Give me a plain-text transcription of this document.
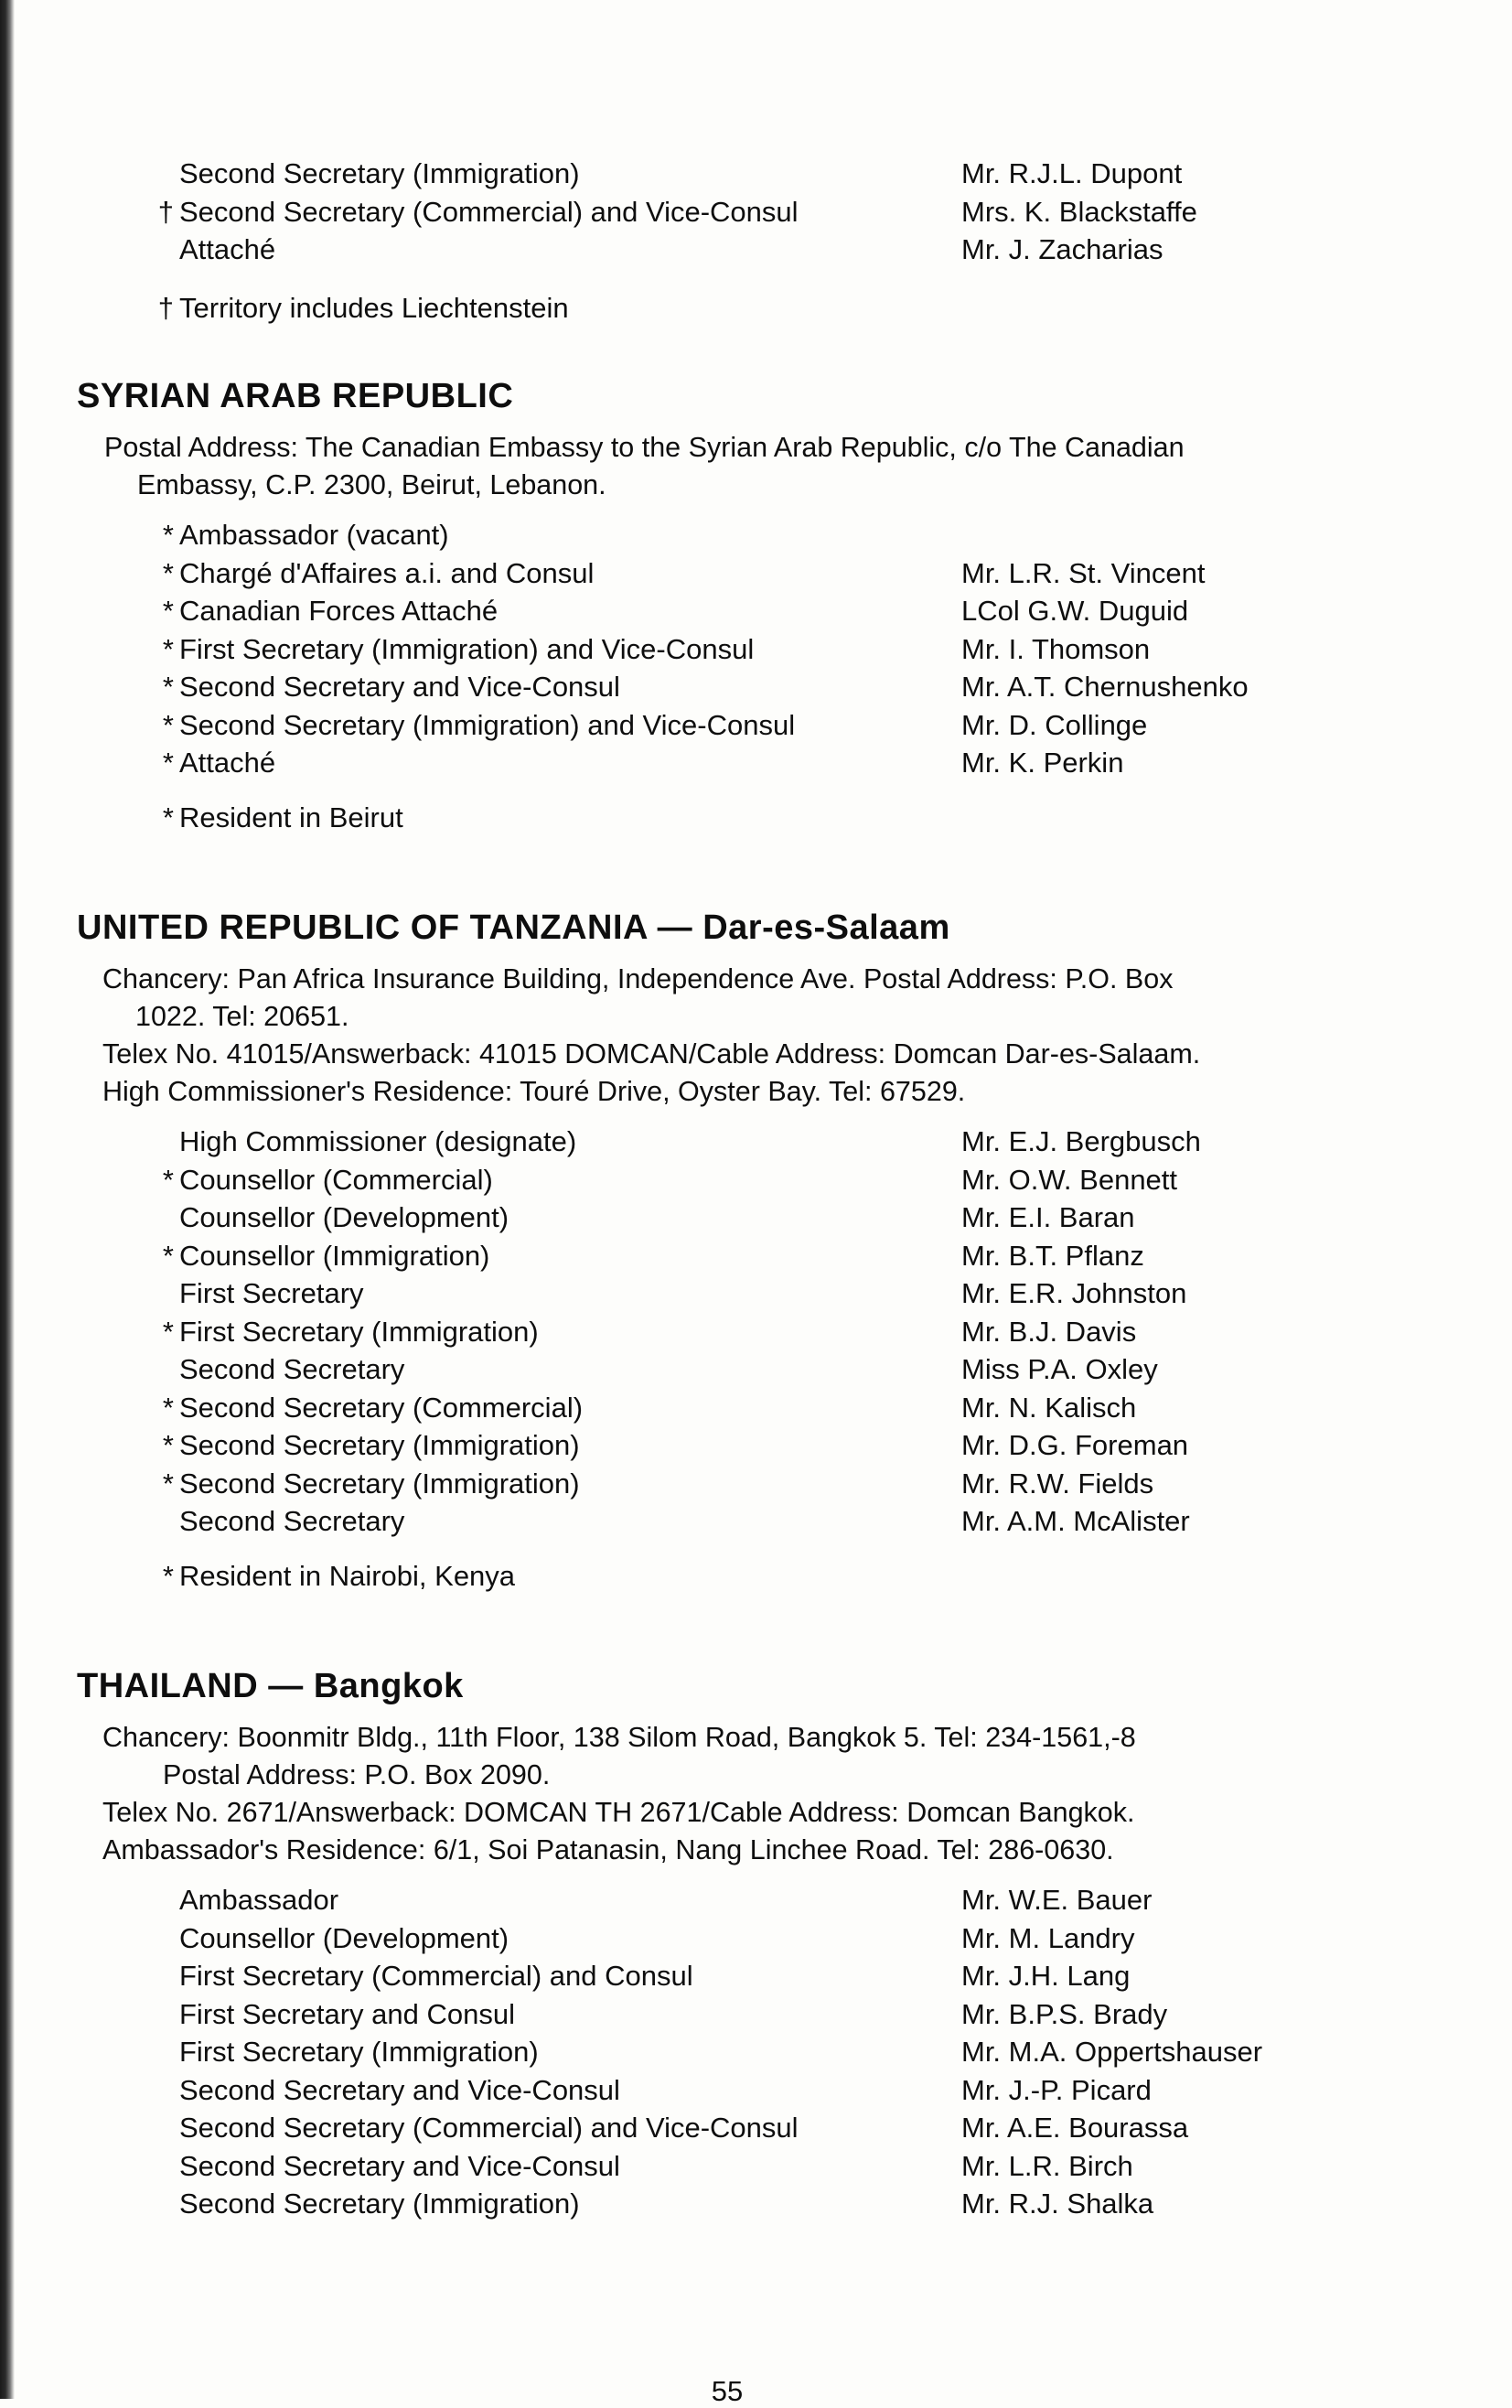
Second Secretary (Immigration)	Mr. R.J.L. Dupont
† Second Secretary (Commercial) and Vice-Consul	Mrs. K. Blackstaffe
Attaché	Mr. J. Zacharias
† Territory includes Liechtenstein
SYRIAN ARAB REPUBLIC
Postal Address: The Canadian Embassy to the Syrian Arab Republic, c/o The Canadian
Embassy, C.P. 2300, Beirut, Lebanon.
* Ambassador (vacant)
* Chargé d'Affaires a.i. and Consul	Mr. L.R. St. Vincent
* Canadian Forces Attaché	LCol G.W. Duguid
* First Secretary (Immigration) and Vice-Consul	Mr. I. Thomson
* Second Secretary and Vice-Consul	Mr. A.T. Chernushenko
* Second Secretary (Immigration) and Vice-Consul	Mr. D. Collinge
* Attaché	Mr. K. Perkin
* Resident in Beirut
UNITED REPUBLIC OF TANZANIA — Dar-es-Salaam
Chancery: Pan Africa Insurance Building, Independence Ave. Postal Address: P.O. Box
1022. Tel: 20651.
Telex No. 41015/Answerback: 41015 DOMCAN/Cable Address: Domcan Dar-es-Salaam.
High Commissioner's Residence: Touré Drive, Oyster Bay. Tel: 67529.
High Commissioner (designate)	Mr. E.J. Bergbusch
* Counsellor (Commercial)	Mr. O.W. Bennett
Counsellor (Development)	Mr. E.I. Baran
* Counsellor (Immigration)	Mr. B.T. Pflanz
First Secretary	Mr. E.R. Johnston
* First Secretary (Immigration)	Mr. B.J. Davis
Second Secretary	Miss P.A. Oxley
* Second Secretary (Commercial)	Mr. N. Kalisch
* Second Secretary (Immigration)	Mr. D.G. Foreman
* Second Secretary (Immigration)	Mr. R.W. Fields
Second Secretary	Mr. A.M. McAlister
* Resident in Nairobi, Kenya
THAILAND — Bangkok
Chancery: Boonmitr Bldg., 11th Floor, 138 Silom Road, Bangkok 5. Tel: 234-1561,-8
Postal Address: P.O. Box 2090.
Telex No. 2671/Answerback: DOMCAN TH 2671/Cable Address: Domcan Bangkok.
Ambassador's Residence: 6/1, Soi Patanasin, Nang Linchee Road. Tel: 286-0630.
Ambassador	Mr. W.E. Bauer
Counsellor (Development)	Mr. M. Landry
First Secretary (Commercial) and Consul	Mr. J.H. Lang
First Secretary and Consul	Mr. B.P.S. Brady
First Secretary (Immigration)	Mr. M.A. Oppertshauser
Second Secretary and Vice-Consul	Mr. J.-P. Picard
Second Secretary (Commercial) and Vice-Consul	Mr. A.E. Bourassa
Second Secretary and Vice-Consul	Mr. L.R. Birch
Second Secretary (Immigration)	Mr. R.J. Shalka
55
